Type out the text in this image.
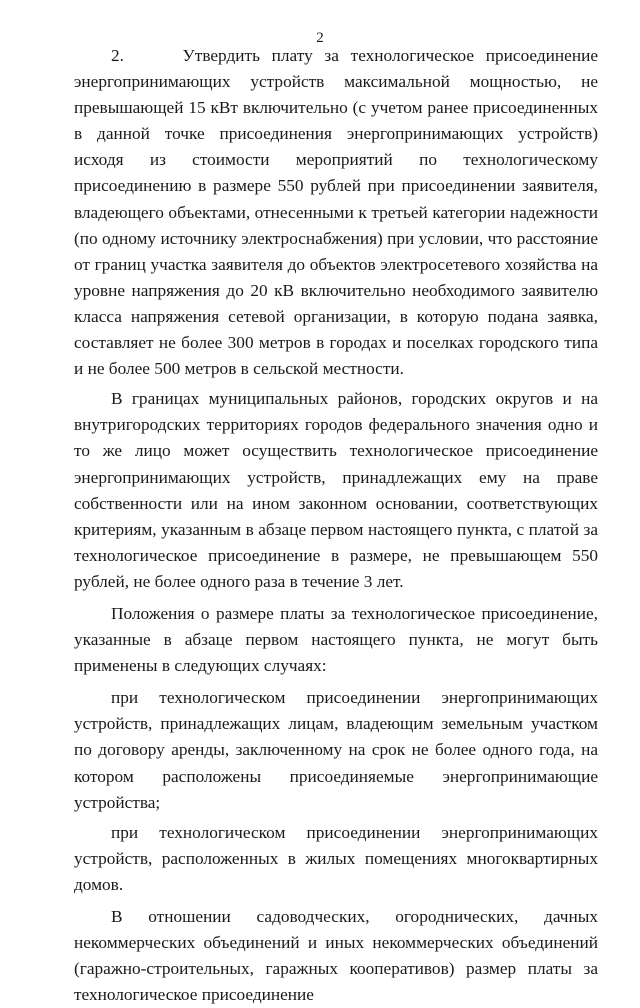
2

2.     Утвердить плату за технологическое присоединение энергопринимающих устройств максимальной мощностью, не превышающей 15 кВт включительно (с учетом ранее присоединенных в данной точке присоединения энергопринимающих устройств) исходя из стоимости мероприятий по технологическому присоединению в размере 550 рублей при присоединении заявителя, владеющего объектами, отнесенными к третьей категории надежности (по одному источнику электроснабжения) при условии, что расстояние от границ участка заявителя до объектов электросетевого хозяйства на уровне напряжения до 20 кВ включительно необходимого заявителю класса напряжения сетевой организации, в которую подана заявка, составляет не более 300 метров в городах и поселках городского типа и не более 500 метров в сельской местности.

В границах муниципальных районов, городских округов и на внутригородских территориях городов федерального значения одно и то же лицо может осуществить технологическое присоединение энергопринимающих устройств, принадлежащих ему на праве собственности или на ином законном основании, соответствующих критериям, указанным в абзаце первом настоящего пункта, с платой за технологическое присоединение в размере, не превышающем 550 рублей, не более одного раза в течение 3 лет.

Положения о размере платы за технологическое присоединение, указанные в абзаце первом настоящего пункта, не могут быть применены в следующих случаях:

при технологическом присоединении энергопринимающих устройств, принадлежащих лицам, владеющим земельным участком по договору аренды, заключенному на срок не более одного года, на котором расположены присоединяемые энергопринимающие устройства;

при технологическом присоединении энергопринимающих устройств, расположенных в жилых помещениях многоквартирных домов.

В отношении садоводческих, огороднических, дачных некоммерческих объединений и иных некоммерческих объединений (гаражно-строительных, гаражных кооперативов) размер платы за технологическое присоединение
